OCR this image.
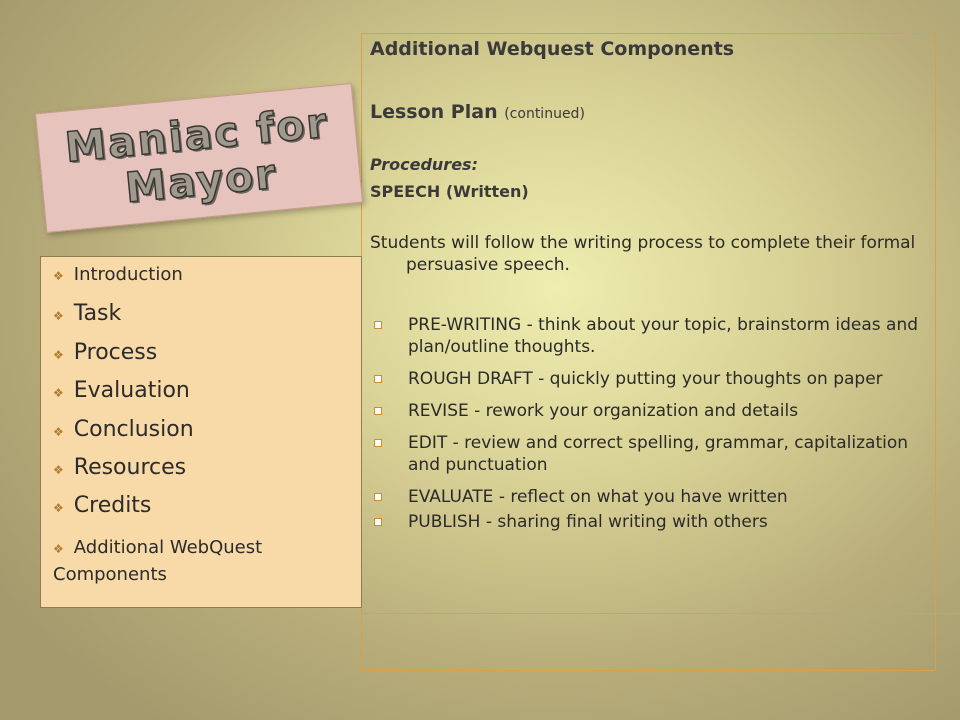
Maniac for Mayor
❖ Introduction
❖ Task
❖ Process
❖ Evaluation
❖ Conclusion
❖ Resources
❖ Credits
❖ Additional WebQuest Components
Additional Webquest Components
Lesson Plan (continued)
Procedures:
SPEECH (Written)
Students will follow the writing process to complete their formal persuasive speech.
PRE-WRITING - think about your topic, brainstorm ideas and plan/outline thoughts.
ROUGH DRAFT - quickly putting your thoughts on paper
REVISE - rework your organization and details
EDIT - review and correct spelling, grammar, capitalization and punctuation
EVALUATE - reflect on what you have written
PUBLISH - sharing final writing with others
